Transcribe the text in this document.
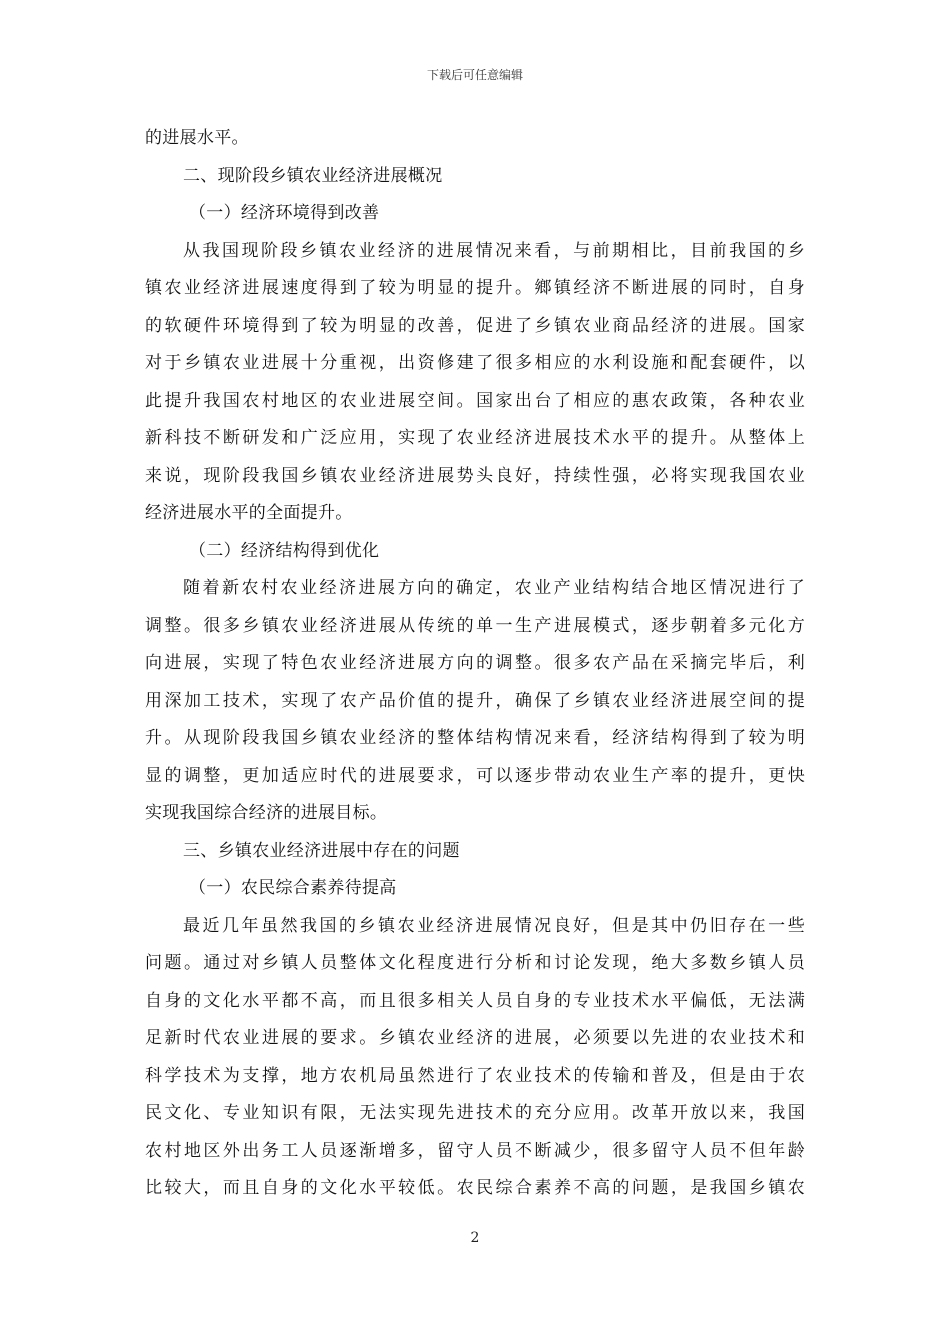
下载后可任意编辑
的进展水平。
二、现阶段乡镇农业经济进展概况
（一）经济环境得到改善
从我国现阶段乡镇农业经济的进展情况来看，与前期相比，目前我国的乡
镇农业经济进展速度得到了较为明显的提升。鄉镇经济不断进展的同时，自身
的软硬件环境得到了较为明显的改善，促进了乡镇农业商品经济的进展。国家
对于乡镇农业进展十分重视，出资修建了很多相应的水利设施和配套硬件，以
此提升我国农村地区的农业进展空间。国家出台了相应的惠农政策，各种农业
新科技不断研发和广泛应用，实现了农业经济进展技术水平的提升。从整体上
来说，现阶段我国乡镇农业经济进展势头良好，持续性强，必将实现我国农业
经济进展水平的全面提升。
（二）经济结构得到优化
随着新农村农业经济进展方向的确定，农业产业结构结合地区情况进行了
调整。很多乡镇农业经济进展从传统的单一生产进展模式，逐步朝着多元化方
向进展，实现了特色农业经济进展方向的调整。很多农产品在采摘完毕后，利
用深加工技术，实现了农产品价值的提升，确保了乡镇农业经济进展空间的提
升。从现阶段我国乡镇农业经济的整体结构情况来看，经济结构得到了较为明
显的调整，更加适应时代的进展要求，可以逐步带动农业生产率的提升，更快
实现我国综合经济的进展目标。
三、乡镇农业经济进展中存在的问题
（一）农民综合素养待提高
最近几年虽然我国的乡镇农业经济进展情况良好，但是其中仍旧存在一些
问题。通过对乡镇人员整体文化程度进行分析和讨论发现，绝大多数乡镇人员
自身的文化水平都不高，而且很多相关人员自身的专业技术水平偏低，无法满
足新时代农业进展的要求。乡镇农业经济的进展，必须要以先进的农业技术和
科学技术为支撑，地方农机局虽然进行了农业技术的传输和普及，但是由于农
民文化、专业知识有限，无法实现先进技术的充分应用。改革开放以来，我国
农村地区外出务工人员逐渐增多，留守人员不断减少，很多留守人员不但年龄
比较大，而且自身的文化水平较低。农民综合素养不高的问题，是我国乡镇农
2
